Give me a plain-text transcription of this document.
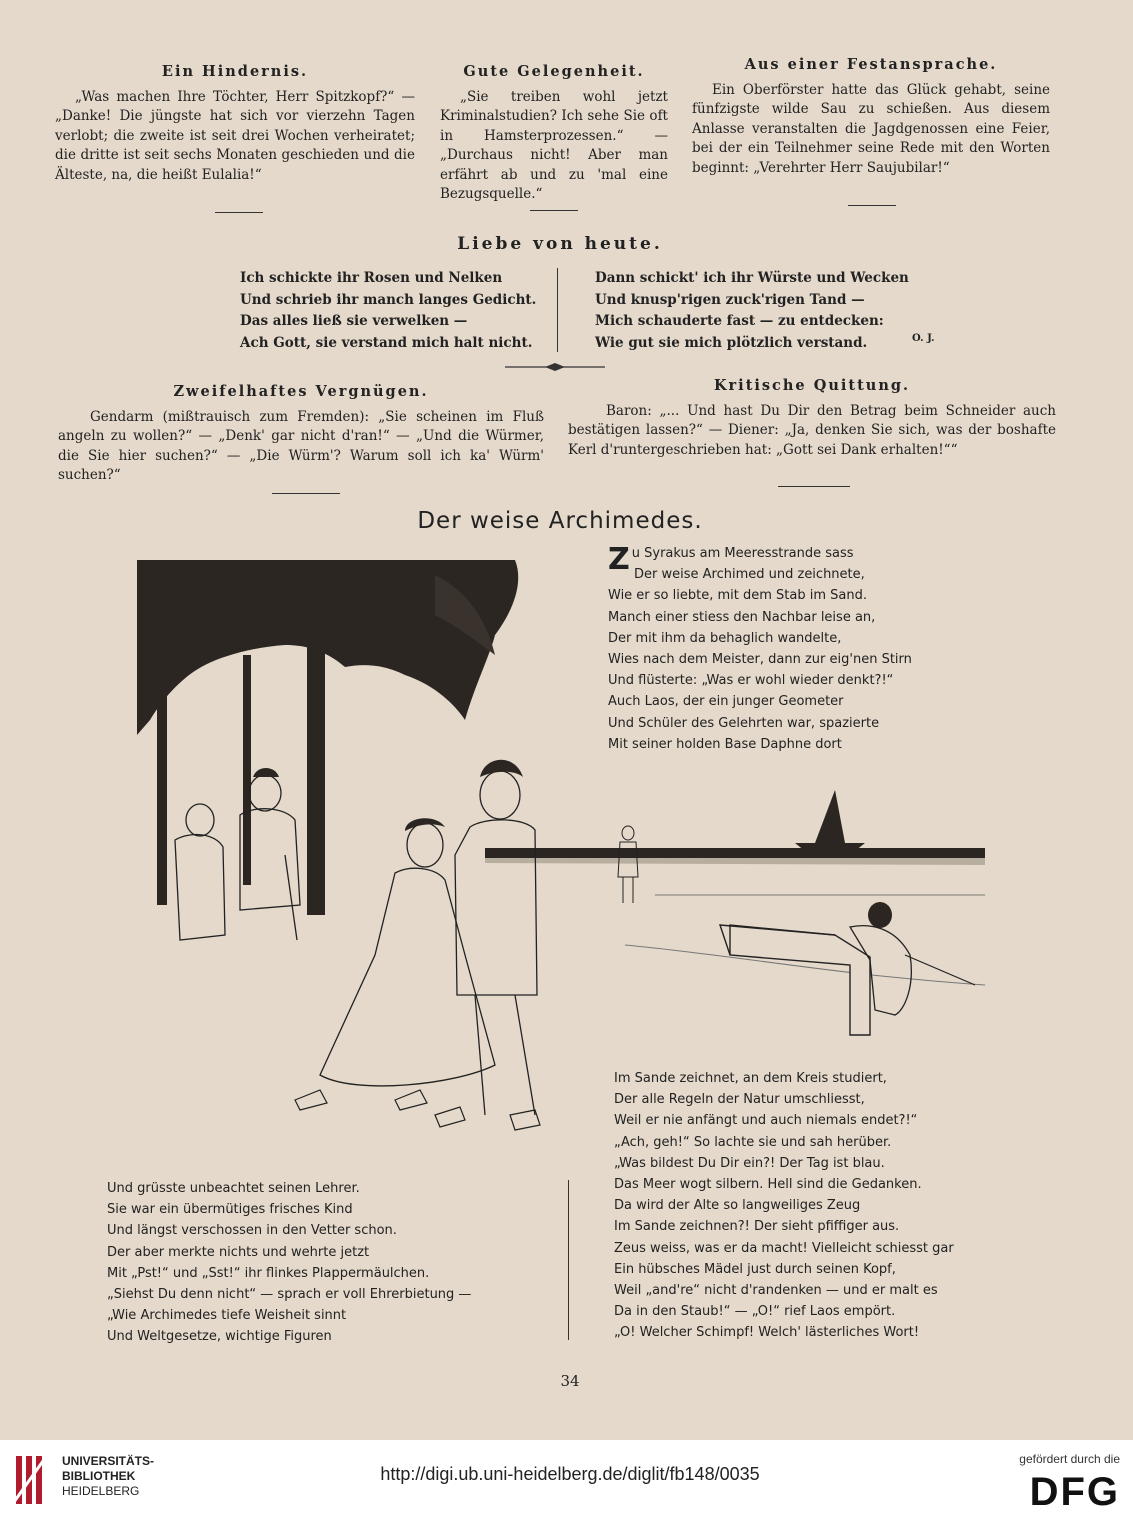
Ein Hindernis.

„Was machen Ihre Töchter, Herr Spitzkopf?“ — „Danke! Die jüngste hat sich vor vierzehn Tagen verlobt; die zweite ist seit drei Wochen verheiratet; die dritte ist seit sechs Monaten geschieden und die Älteste, na, die heißt Eulalia!“

Gute Gelegenheit.

„Sie treiben wohl jetzt Kriminalstudien? Ich sehe Sie oft in Hamsterprozessen.“ — „Durchaus nicht! Aber man erfährt ab und zu 'mal eine Bezugsquelle.“

Aus einer Festansprache.

Ein Oberförster hatte das Glück gehabt, seine fünfzigste wilde Sau zu schießen. Aus diesem Anlasse veranstalten die Jagdgenossen eine Feier, bei der ein Teilnehmer seine Rede mit den Worten beginnt: „Verehrter Herr Saujubilar!“

Liebe von heute.
Ich schickte ihr Rosen und Nelken
Und schrieb ihr manch langes Gedicht.
Das alles ließ sie verwelken —
Ach Gott, sie verstand mich halt nicht.
Dann schickt' ich ihr Würste und Wecken
Und knusp'rigen zuck'rigen Tand —
Mich schauderte fast — zu entdecken:
Wie gut sie mich plötzlich verstand.	O. J.
Zweifelhaftes Vergnügen.

Gendarm (mißtrauisch zum Fremden): „Sie scheinen im Fluß angeln zu wollen?“ — „Denk' gar nicht d'ran!“ — „Und die Würmer, die Sie hier suchen?“ — „Die Würm'? Warum soll ich ka' Würm' suchen?“

Kritische Quittung.

Baron: „... Und hast Du Dir den Betrag beim Schneider auch bestätigen lassen?“ — Diener: „Ja, denken Sie sich, was der boshafte Kerl d'runtergeschrieben hat: „Gott sei Dank erhalten!““

Der weise Archimedes.
Zu Syrakus am Meeresstrande sass
Der weise Archimed und zeichnete,
Wie er so liebte, mit dem Stab im Sand.
Manch einer stiess den Nachbar leise an,
Der mit ihm da behaglich wandelte,
Wies nach dem Meister, dann zur eig'nen Stirn
Und flüsterte: „Was er wohl wieder denkt?!“
Auch Laos, der ein junger Geometer
Und Schüler des Gelehrten war, spazierte
Mit seiner holden Base Daphne dort
Und grüsste unbeachtet seinen Lehrer.
Sie war ein übermütiges frisches Kind
Und längst verschossen in den Vetter schon.
Der aber merkte nichts und wehrte jetzt
Mit „Pst!“ und „Sst!“ ihr flinkes Plappermäulchen.
„Siehst Du denn nicht“ — sprach er voll Ehrerbietung —
„Wie Archimedes tiefe Weisheit sinnt
Und Weltgesetze, wichtige Figuren
Im Sande zeichnet, an dem Kreis studiert,
Der alle Regeln der Natur umschliesst,
Weil er nie anfängt und auch niemals endet?!“
„Ach, geh!“ So lachte sie und sah herüber.
„Was bildest Du Dir ein?! Der Tag ist blau.
Das Meer wogt silbern. Hell sind die Gedanken.
Da wird der Alte so langweiliges Zeug
Im Sande zeichnen?! Der sieht pfiffiger aus.
Zeus weiss, was er da macht! Vielleicht schiesst gar
Ein hübsches Mädel just durch seinen Kopf,
Weil „and're“ nicht d'randenken — und er malt es
Da in den Staub!“ — „O!“ rief Laos empört.
„O! Welcher Schimpf! Welch' lästerliches Wort!
34
UNIVERSITÄTS-
BIBLIOTHEK
HEIDELBERG
http://digi.ub.uni-heidelberg.de/diglit/fb148/0035
gefördert durch die
DFG
